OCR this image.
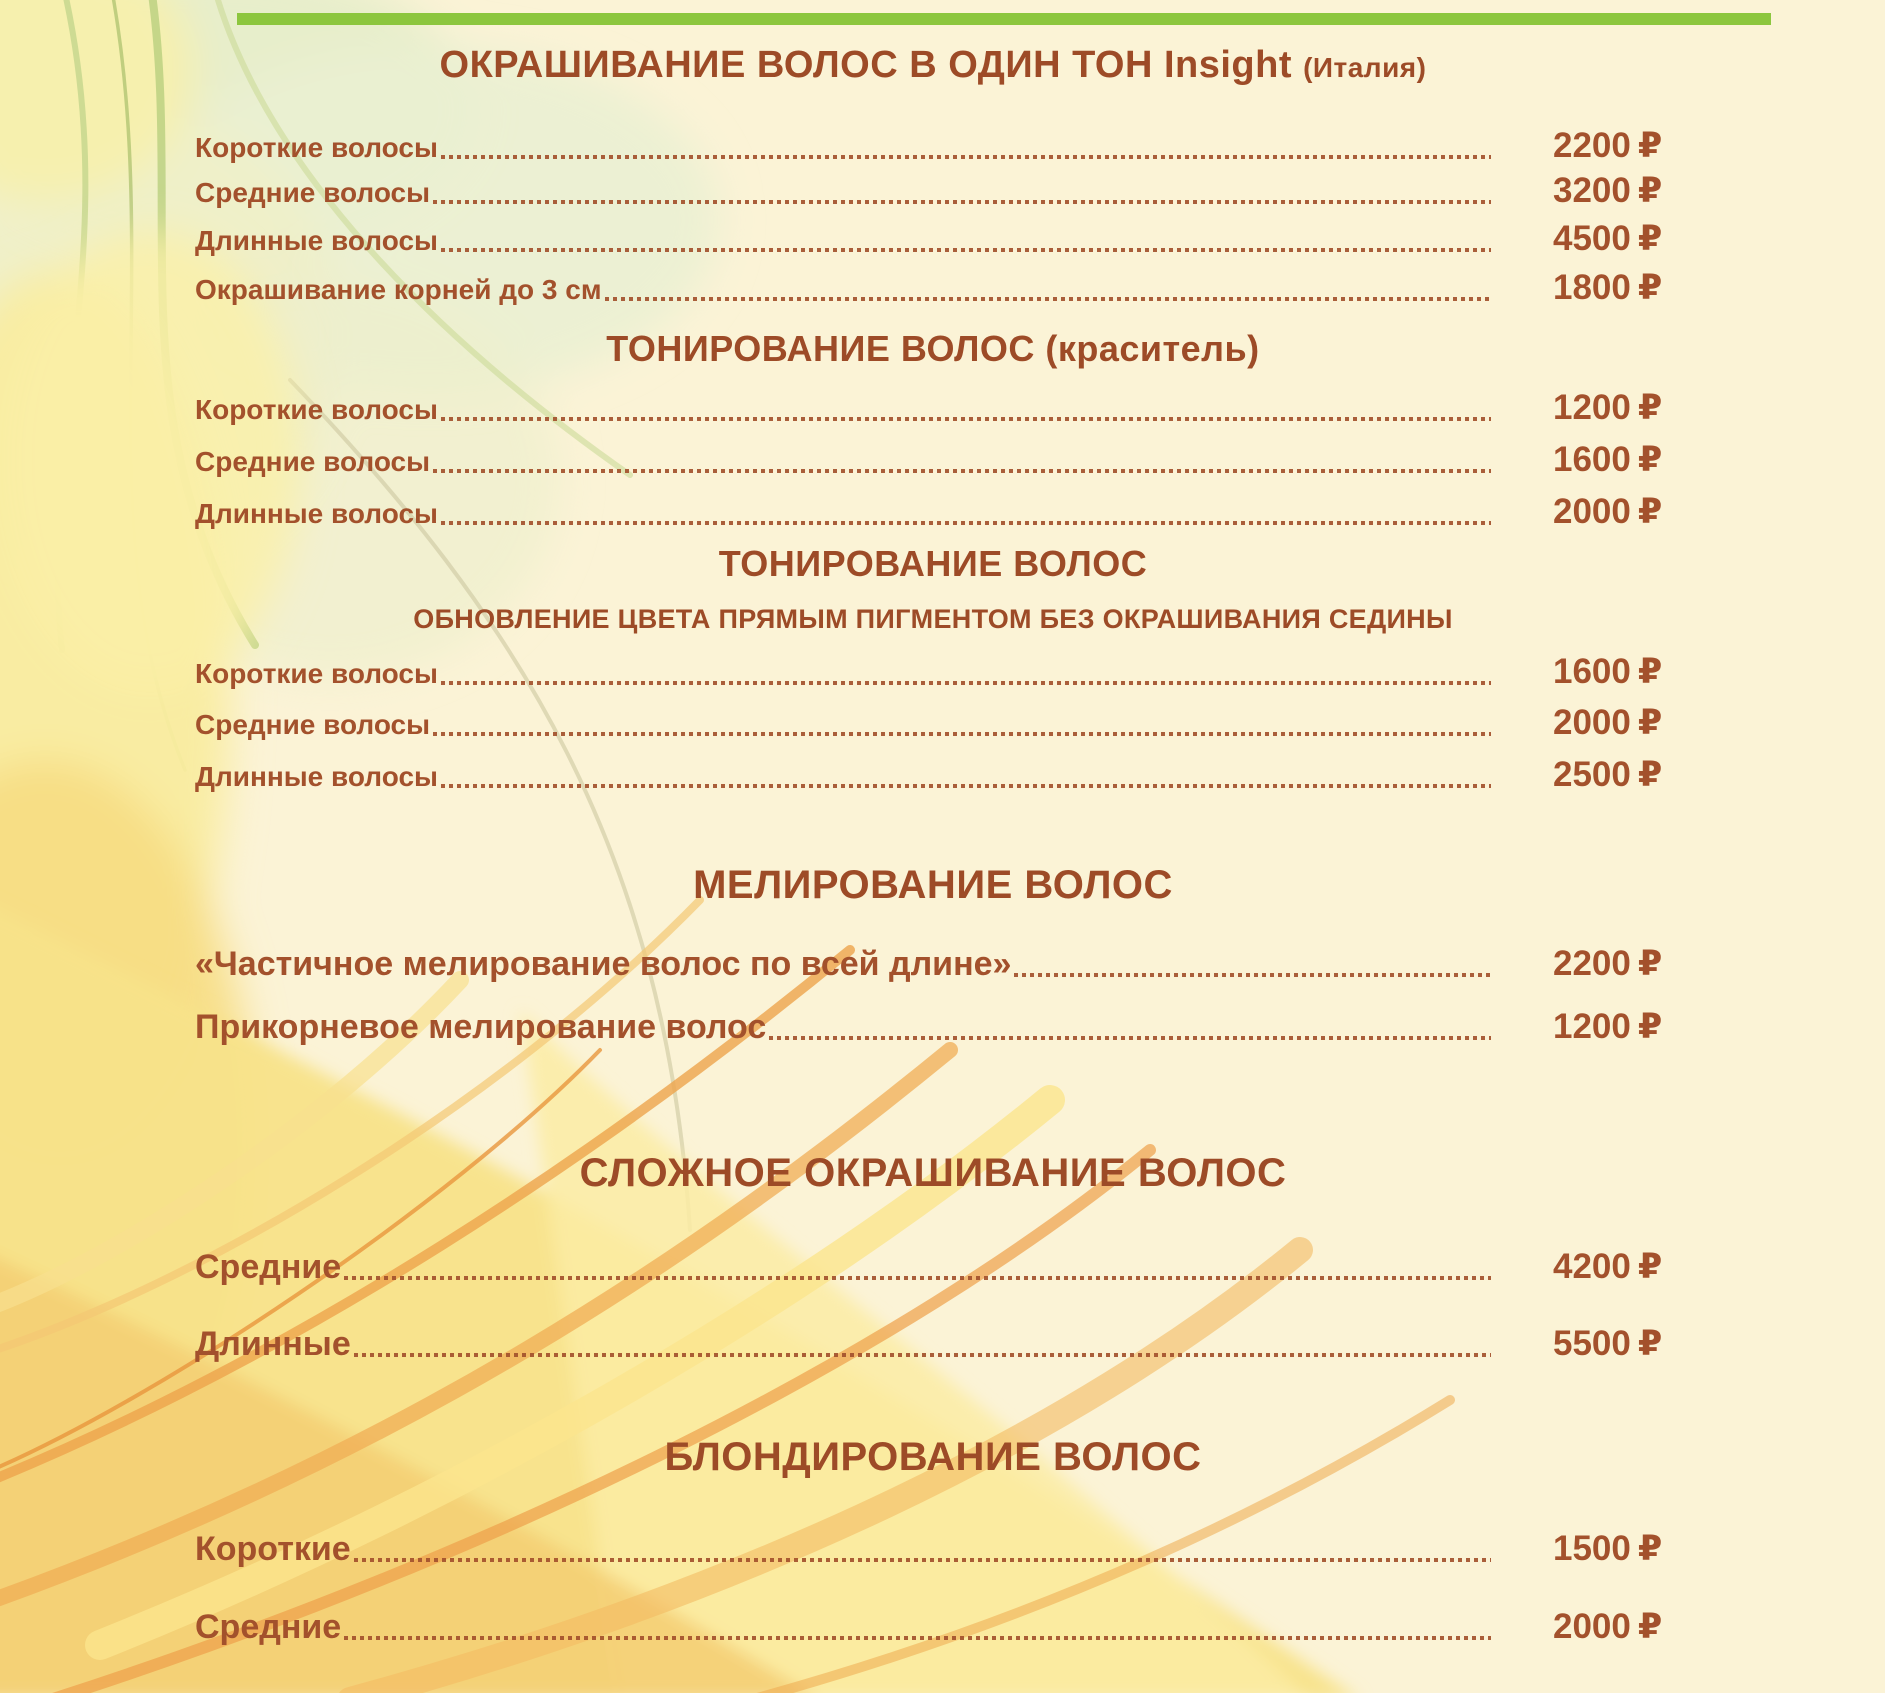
ОКРАШИВАНИЕ ВОЛОС В ОДИН ТОН Insight (Италия)
Короткие волосы	2200 ₽
Средние волосы	3200 ₽
Длинные волосы	4500 ₽
Окрашивание корней до 3 см	1800 ₽
ТОНИРОВАНИЕ ВОЛОС (краситель)
Короткие волосы	1200 ₽
Средние волосы	1600 ₽
Длинные волосы	2000 ₽
ТОНИРОВАНИЕ ВОЛОС
ОБНОВЛЕНИЕ ЦВЕТА ПРЯМЫМ ПИГМЕНТОМ БЕЗ ОКРАШИВАНИЯ СЕДИНЫ
Короткие волосы	1600 ₽
Средние волосы	2000 ₽
Длинные волосы	2500 ₽
МЕЛИРОВАНИЕ ВОЛОС
«Частичное мелирование волос по всей длине»	2200 ₽
Прикорневое мелирование волос	1200 ₽
СЛОЖНОЕ ОКРАШИВАНИЕ ВОЛОС
Средние	4200 ₽
Длинные	5500 ₽
БЛОНДИРОВАНИЕ ВОЛОС
Короткие	1500 ₽
Средние	2000 ₽
